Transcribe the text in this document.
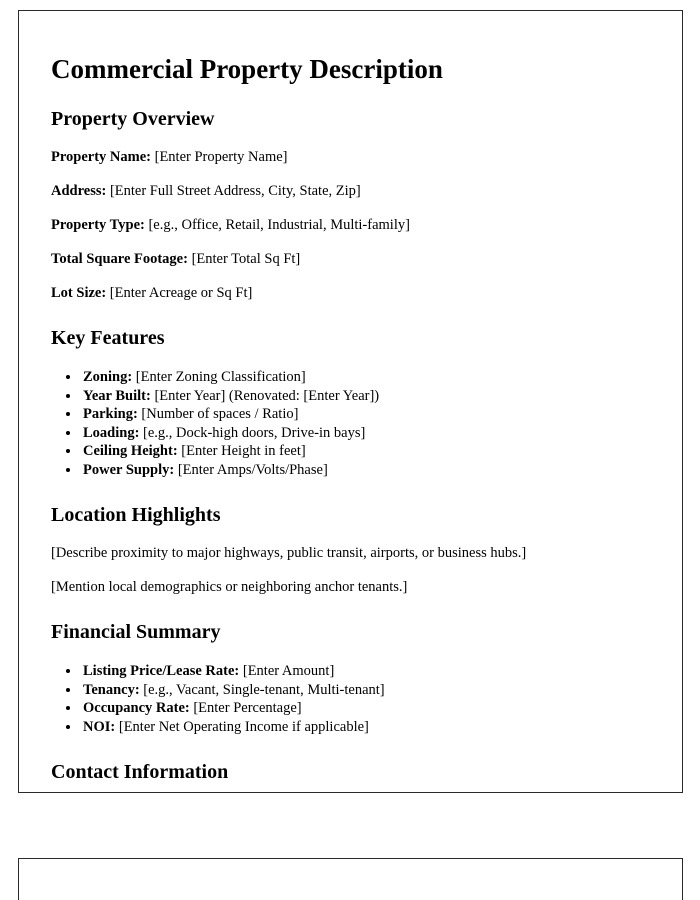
Commercial Property Description
Property Overview

Property Name: [Enter Property Name]

Address: [Enter Full Street Address, City, State, Zip]

Property Type: [e.g., Office, Retail, Industrial, Multi-family]

Total Square Footage: [Enter Total Sq Ft]

Lot Size: [Enter Acreage or Sq Ft]

Key Features
• Zoning: [Enter Zoning Classification]
• Year Built: [Enter Year] (Renovated: [Enter Year])
• Parking: [Number of spaces / Ratio]
• Loading: [e.g., Dock-high doors, Drive-in bays]
• Ceiling Height: [Enter Height in feet]
• Power Supply: [Enter Amps/Volts/Phase]
Location Highlights

[Describe proximity to major highways, public transit, airports, or business hubs.]

[Mention local demographics or neighboring anchor tenants.]

Financial Summary
• Listing Price/Lease Rate: [Enter Amount]
• Tenancy: [e.g., Vacant, Single-tenant, Multi-tenant]
• Occupancy Rate: [Enter Percentage]
• NOI: [Enter Net Operating Income if applicable]
Contact Information
